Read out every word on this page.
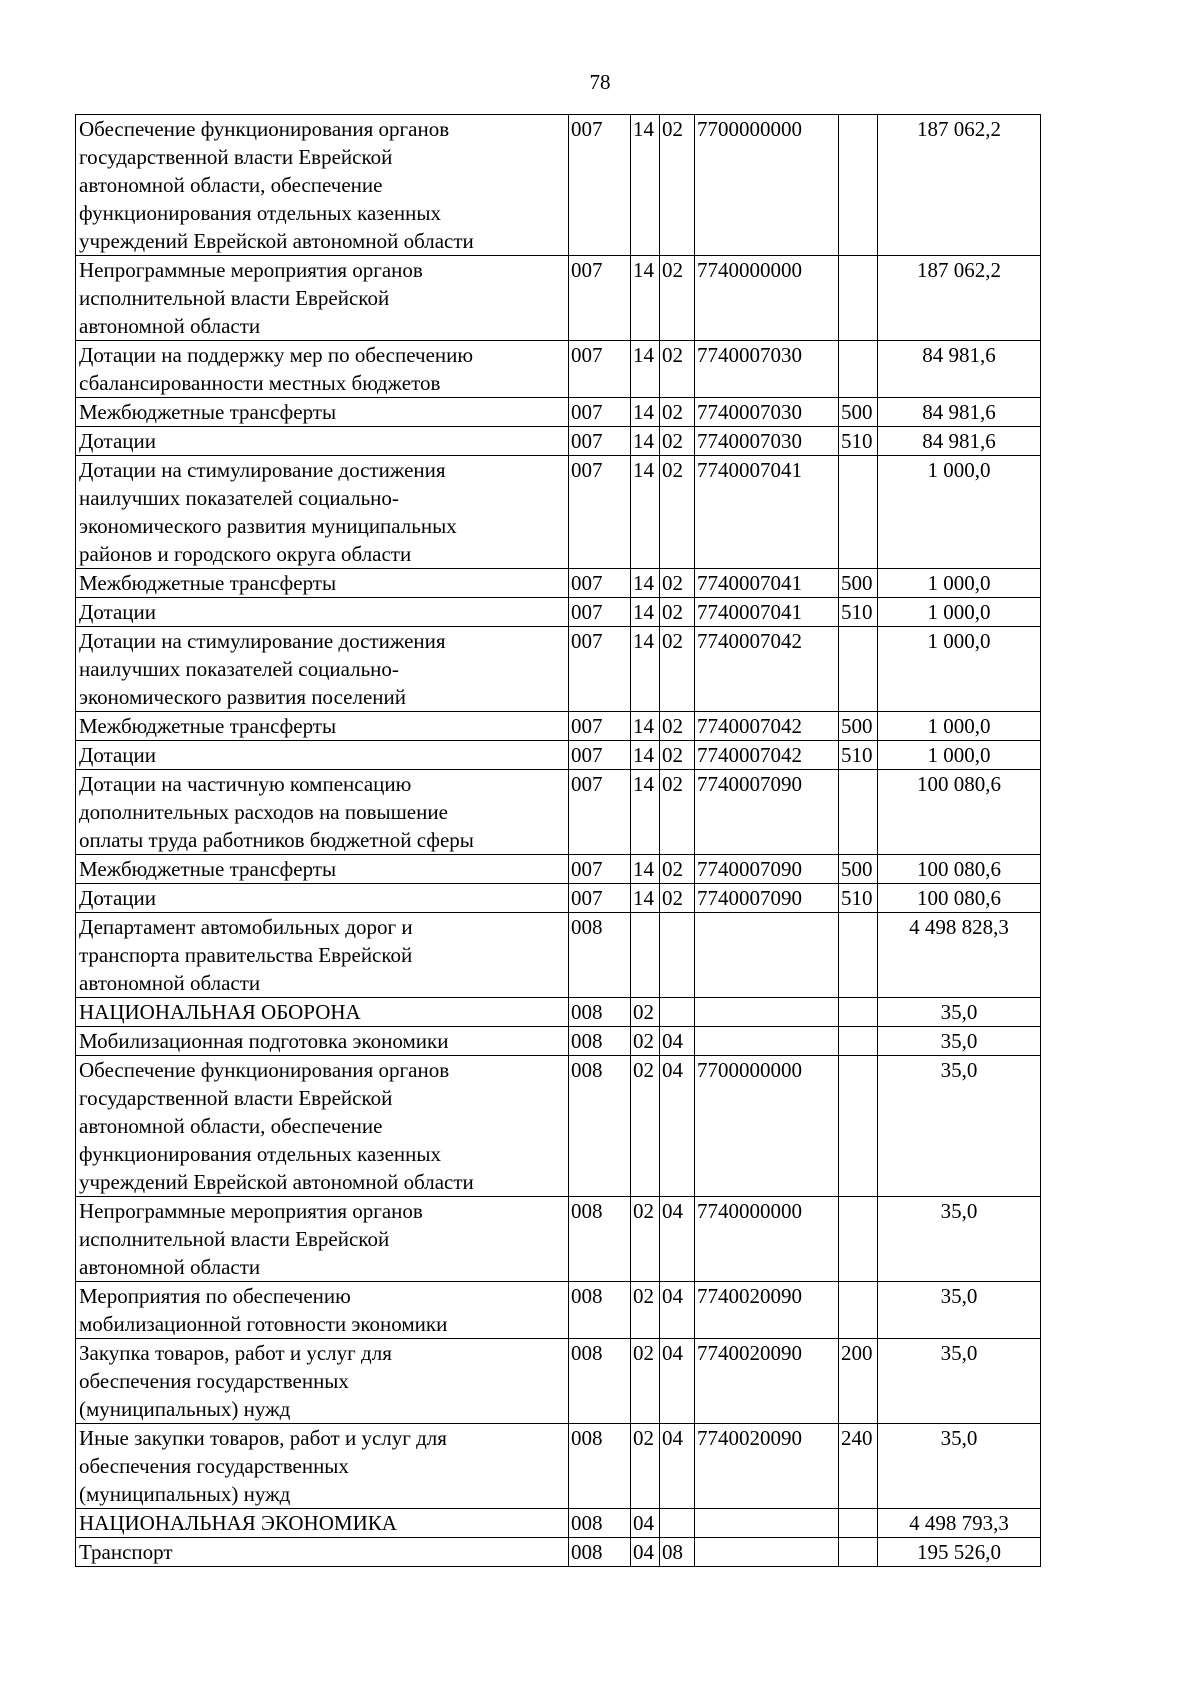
78
Обеспечение функционирования органов
государственной власти Еврейской
автономной области, обеспечение
функционирования отдельных казенных
учреждений Еврейской автономной области	007	14	02	7700000000		187 062,2
Непрограммные мероприятия органов
исполнительной власти Еврейской
автономной области	007	14	02	7740000000		187 062,2
Дотации на поддержку мер по обеспечению
сбалансированности местных бюджетов	007	14	02	7740007030		84 981,6
Межбюджетные трансферты	007	14	02	7740007030	500	84 981,6
Дотации	007	14	02	7740007030	510	84 981,6
Дотации на стимулирование достижения
наилучших показателей социально-
экономического развития муниципальных
районов и городского округа области	007	14	02	7740007041		1 000,0
Межбюджетные трансферты	007	14	02	7740007041	500	1 000,0
Дотации	007	14	02	7740007041	510	1 000,0
Дотации на стимулирование достижения
наилучших показателей социально-
экономического развития поселений	007	14	02	7740007042		1 000,0
Межбюджетные трансферты	007	14	02	7740007042	500	1 000,0
Дотации	007	14	02	7740007042	510	1 000,0
Дотации на частичную компенсацию
дополнительных расходов на повышение
оплаты труда работников бюджетной сферы	007	14	02	7740007090		100 080,6
Межбюджетные трансферты	007	14	02	7740007090	500	100 080,6
Дотации	007	14	02	7740007090	510	100 080,6
Департамент автомобильных дорог и
транспорта правительства Еврейской
автономной области	008					4 498 828,3
НАЦИОНАЛЬНАЯ ОБОРОНА	008	02				35,0
Мобилизационная подготовка экономики	008	02	04			35,0
Обеспечение функционирования органов
государственной власти Еврейской
автономной области, обеспечение
функционирования отдельных казенных
учреждений Еврейской автономной области	008	02	04	7700000000		35,0
Непрограммные мероприятия органов
исполнительной власти Еврейской
автономной области	008	02	04	7740000000		35,0
Мероприятия по обеспечению
мобилизационной готовности экономики	008	02	04	7740020090		35,0
Закупка товаров, работ и услуг для
обеспечения государственных
(муниципальных) нужд	008	02	04	7740020090	200	35,0
Иные закупки товаров, работ и услуг для
обеспечения государственных
(муниципальных) нужд	008	02	04	7740020090	240	35,0
НАЦИОНАЛЬНАЯ ЭКОНОМИКА	008	04				4 498 793,3
Транспорт	008	04	08			195 526,0
